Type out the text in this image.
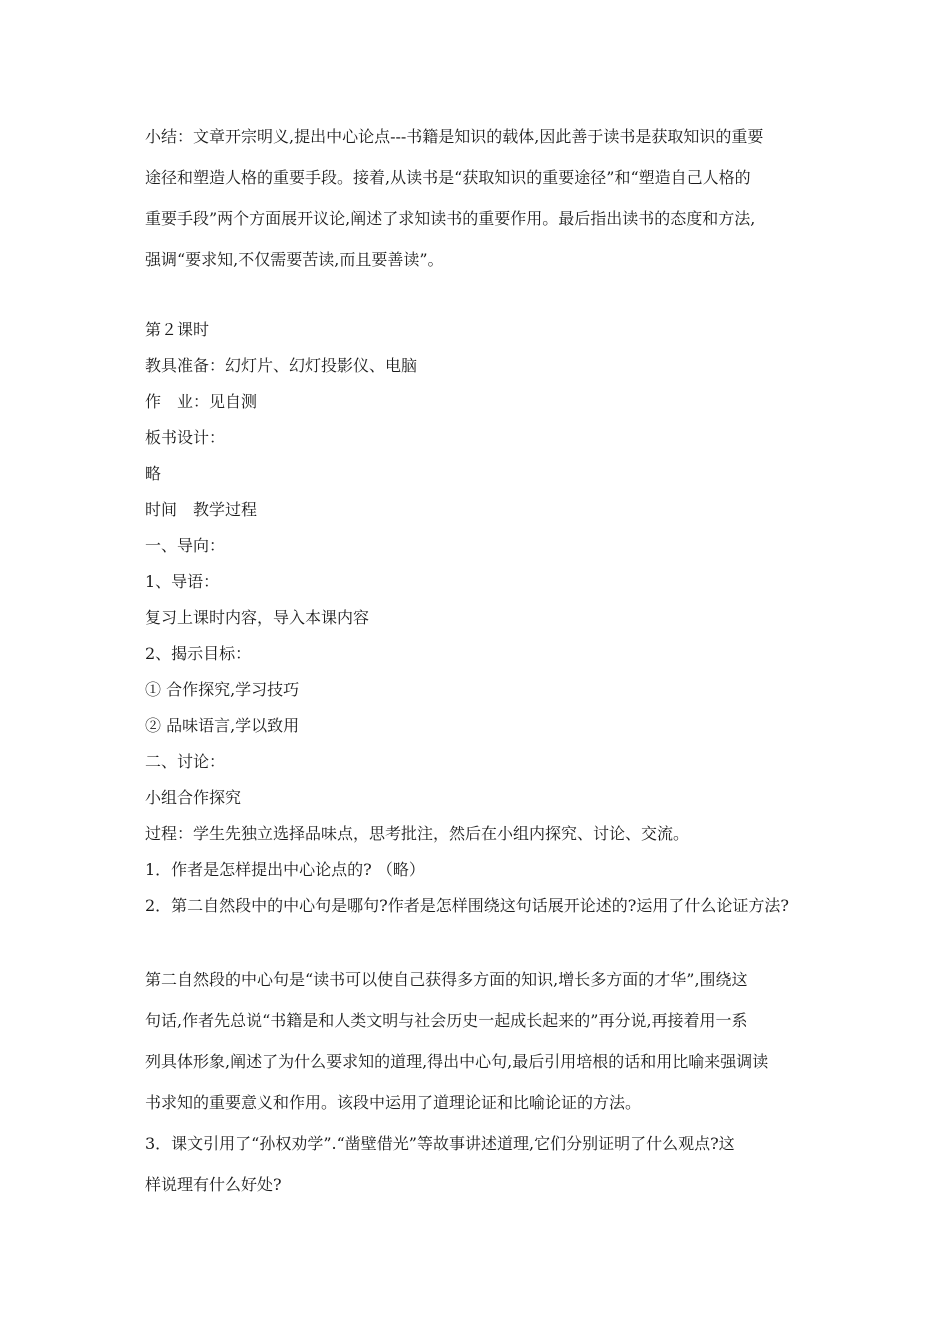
小结：文章开宗明义,提出中心论点---书籍是知识的载体,因此善于读书是获取知识的重要
途径和塑造人格的重要手段。接着,从读书是“获取知识的重要途径”和“塑造自己人格的
重要手段”两个方面展开议论,阐述了求知读书的重要作用。最后指出读书的态度和方法,
强调“要求知,不仅需要苦读,而且要善读”。
第２课时
教具准备：幻灯片、幻灯投影仪、电脑
作　业：见自测
板书设计：
略
时间　教学过程
一、导向：
1、导语：
复习上课时内容，导入本课内容
2、揭示目标：
① 合作探究,学习技巧
② 品味语言,学以致用
二、讨论：
小组合作探究
过程：学生先独立选择品味点，思考批注，然后在小组内探究、讨论、交流。
1．作者是怎样提出中心论点的? （略）
2．第二自然段中的中心句是哪句?作者是怎样围绕这句话展开论述的?运用了什么论证方法?
第二自然段的中心句是“读书可以使自己获得多方面的知识,增长多方面的才华”,围绕这
句话,作者先总说“书籍是和人类文明与社会历史一起成长起来的”再分说,再接着用一系
列具体形象,阐述了为什么要求知的道理,得出中心句,最后引用培根的话和用比喻来强调读
书求知的重要意义和作用。该段中运用了道理论证和比喻论证的方法。
3．课文引用了“孙权劝学”.“凿壁借光”等故事讲述道理,它们分别证明了什么观点?这
样说理有什么好处?
